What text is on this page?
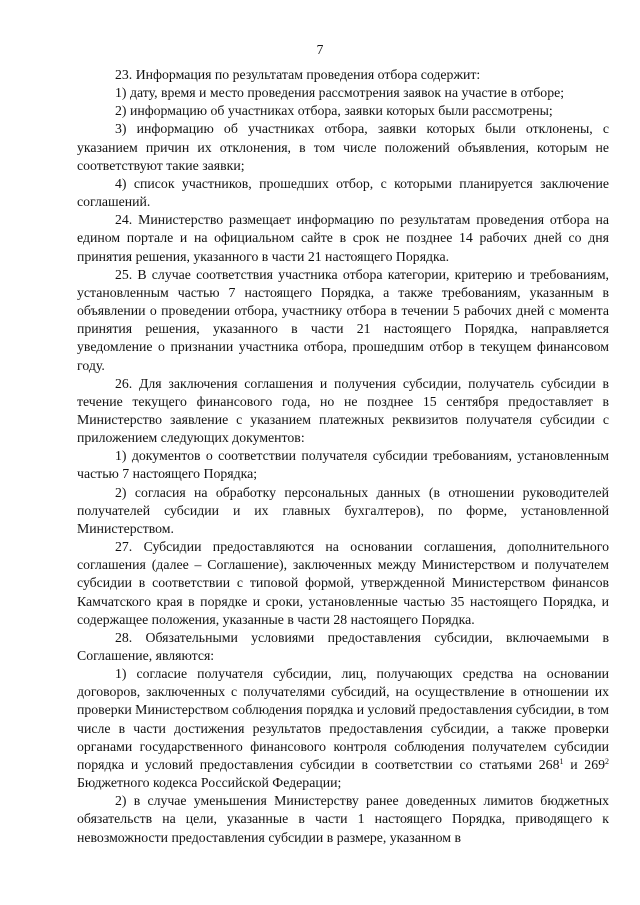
7

23. Информация по результатам проведения отбора содержит:

1) дату, время и место проведения рассмотрения заявок на участие в отборе;

2) информацию об участниках отбора, заявки которых были рассмотрены;

3) информацию об участниках отбора, заявки которых были отклонены, с указанием причин их отклонения, в том числе положений объявления, которым не соответствуют такие заявки;

4) список участников, прошедших отбор, с которыми планируется заключение соглашений.

24. Министерство размещает информацию по результатам проведения отбора на едином портале и на официальном сайте в срок не позднее 14 рабочих дней со дня принятия решения, указанного в части 21 настоящего Порядка.

25. В случае соответствия участника отбора категории, критерию и требованиям, установленным частью 7 настоящего Порядка, а также требованиям, указанным в объявлении о проведении отбора, участнику отбора в течении 5 рабочих дней с момента принятия решения, указанного в части 21 настоящего Порядка, направляется уведомление о признании участника отбора, прошедшим отбор в текущем финансовом году.

26. Для заключения соглашения и получения субсидии, получатель субсидии в течение текущего финансового года, но не позднее 15 сентября предоставляет в Министерство заявление с указанием платежных реквизитов получателя субсидии с приложением следующих документов:

1) документов о соответствии получателя субсидии требованиям, установленным частью 7 настоящего Порядка;

2) согласия на обработку персональных данных (в отношении руководителей получателей субсидии и их главных бухгалтеров), по форме, установленной Министерством.

27. Субсидии предоставляются на основании соглашения, дополнительного соглашения (далее – Соглашение), заключенных между Министерством и получателем субсидии в соответствии с типовой формой, утвержденной Министерством финансов Камчатского края в порядке и сроки, установленные частью 35 настоящего Порядка, и содержащее положения, указанные в части 28 настоящего Порядка.

28. Обязательными условиями предоставления субсидии, включаемыми в Соглашение, являются:

1) согласие получателя субсидии, лиц, получающих средства на основании договоров, заключенных с получателями субсидий, на осуществление в отношении их проверки Министерством соблюдения порядка и условий предоставления субсидии, в том числе в части достижения результатов предоставления субсидии, а также проверки органами государственного финансового контроля соблюдения получателем субсидии порядка и условий предоставления субсидии в соответствии со статьями $268^1$ и $269^2$ Бюджетного кодекса Российской Федерации;

2) в случае уменьшения Министерству ранее доведенных лимитов бюджетных обязательств на цели, указанные в части 1 настоящего Порядка, приводящего к невозможности предоставления субсидии в размере, указанном в
